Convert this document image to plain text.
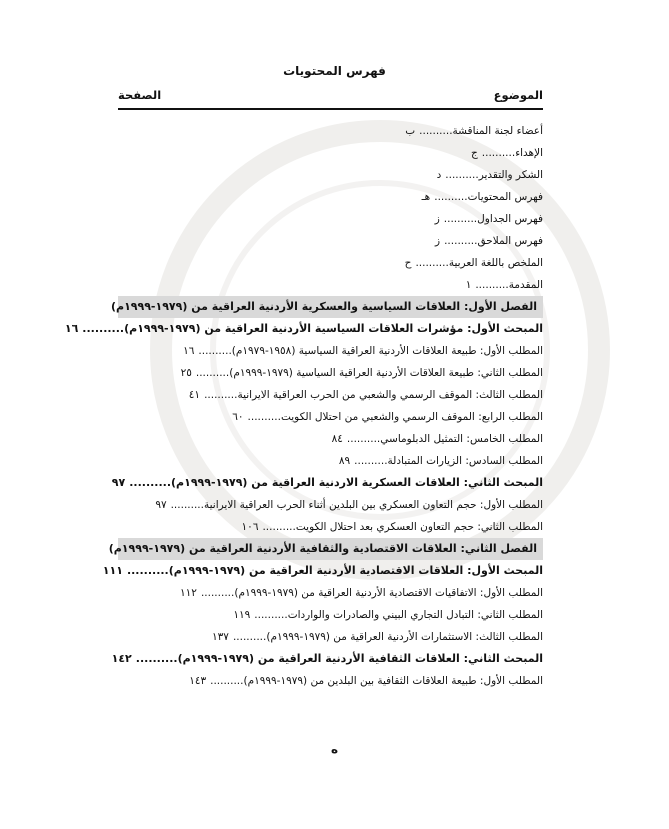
فهرس المحتويات
الموضوع
الصفحة
أعضاء لجنة المناقشة..........ب
الإهداء..........ج
الشكر والتقدير..........د
فهرس المحتويات..........هـ
فهرس الجداول..........ز
فهرس الملاحق..........ز
الملخص باللغة العربية..........ح
المقدمة..........١
الفصل الأول: العلاقات السياسية والعسكرية الأردنية العراقية من (١٩٧٩-١٩٩٩م)
المبحث الأول: مؤشرات العلاقات السياسية الأردنية العراقية من (١٩٧٩-١٩٩٩م)..........١٦
المطلب الأول: طبيعة العلاقات الأردنية العراقية السياسية (١٩٥٨-١٩٧٩م)..........١٦
المطلب الثاني: طبيعة العلاقات الأردنية العراقية السياسية (١٩٧٩-١٩٩٩م)..........٢٥
المطلب الثالث: الموقف الرسمي والشعبي من الحرب العراقية الايرانية..........٤١
المطلب الرابع: الموقف الرسمي والشعبي من احتلال الكويت..........٦٠
المطلب الخامس: التمثيل الدبلوماسي..........٨٤
المطلب السادس: الزيارات المتبادلة..........٨٩
المبحث الثاني: العلاقات العسكرية الاردنية العراقية من (١٩٧٩-١٩٩٩م)..........٩٧
المطلب الأول: حجم التعاون العسكري بين البلدين أثناء الحرب العراقية الايرانية..........٩٧
المطلب الثاني: حجم التعاون العسكري بعد احتلال الكويت..........١٠٦
الفصل الثاني: العلاقات الاقتصادية والثقافية الأردنية العراقية من (١٩٧٩-١٩٩٩م)
المبحث الأول: العلاقات الاقتصادية الأردنية العراقية من (١٩٧٩-١٩٩٩م)..........١١١
المطلب الأول: الاتفاقيات الاقتصادية الأردنية العراقية من (١٩٧٩-١٩٩٩م)..........١١٢
المطلب الثاني: التبادل التجاري البيني والصادرات والواردات..........١١٩
المطلب الثالث: الاستثمارات الأردنية العراقية من (١٩٧٩-١٩٩٩م)..........١٣٧
المبحث الثاني: العلاقات الثقافية الأردنية العراقية من (١٩٧٩-١٩٩٩م)..........١٤٢
المطلب الأول: طبيعة العلاقات الثقافية بين البلدين من (١٩٧٩-١٩٩٩م)..........١٤٣
ه
